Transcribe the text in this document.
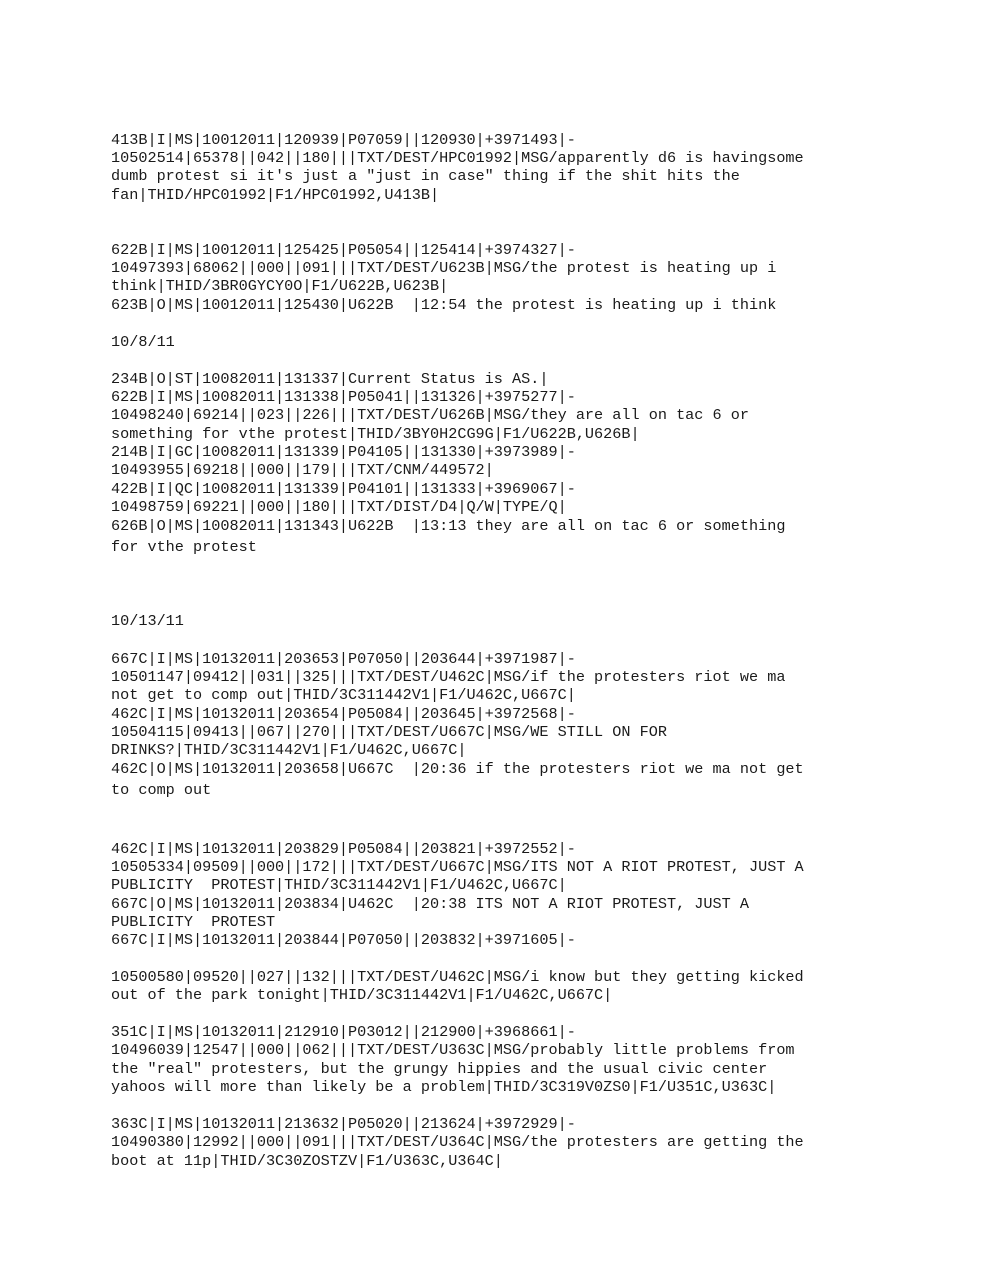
413B|I|MS|10012011|120939|P07059||120930|+3971493|-
10502514|65378||042||180|||TXT/DEST/HPC01992|MSG/apparently d6 is havingsome
dumb protest si it's just a "just in case" thing if the shit hits the
fan|THID/HPC01992|F1/HPC01992,U413B|
622B|I|MS|10012011|125425|P05054||125414|+3974327|-
10497393|68062||000||091|||TXT/DEST/U623B|MSG/the protest is heating up i
think|THID/3BR0GYCY0O|F1/U622B,U623B|
623B|O|MS|10012011|125430|U622B  |12:54 the protest is heating up i think
10/8/11
234B|O|ST|10082011|131337|Current Status is AS.|
622B|I|MS|10082011|131338|P05041||131326|+3975277|-
10498240|69214||023||226|||TXT/DEST/U626B|MSG/they are all on tac 6 or
something for vthe protest|THID/3BY0H2CG9G|F1/U622B,U626B|
214B|I|GC|10082011|131339|P04105||131330|+3973989|-
10493955|69218||000||179|||TXT/CNM/449572|
422B|I|QC|10082011|131339|P04101||131333|+3969067|-
10498759|69221||000||180|||TXT/DIST/D4|Q/W|TYPE/Q|
626B|O|MS|10082011|131343|U622B  |13:13 they are all on tac 6 or something
for vthe protest
10/13/11
667C|I|MS|10132011|203653|P07050||203644|+3971987|-
10501147|09412||031||325|||TXT/DEST/U462C|MSG/if the protesters riot we ma
not get to comp out|THID/3C311442V1|F1/U462C,U667C|
462C|I|MS|10132011|203654|P05084||203645|+3972568|-
10504115|09413||067||270|||TXT/DEST/U667C|MSG/WE STILL ON FOR
DRINKS?|THID/3C311442V1|F1/U462C,U667C|
462C|O|MS|10132011|203658|U667C  |20:36 if the protesters riot we ma not get
to comp out
462C|I|MS|10132011|203829|P05084||203821|+3972552|-
10505334|09509||000||172|||TXT/DEST/U667C|MSG/ITS NOT A RIOT PROTEST, JUST A
PUBLICITY  PROTEST|THID/3C311442V1|F1/U462C,U667C|
667C|O|MS|10132011|203834|U462C  |20:38 ITS NOT A RIOT PROTEST, JUST A
PUBLICITY  PROTEST
667C|I|MS|10132011|203844|P07050||203832|+3971605|-
10500580|09520||027||132|||TXT/DEST/U462C|MSG/i know but they getting kicked
out of the park tonight|THID/3C311442V1|F1/U462C,U667C|
351C|I|MS|10132011|212910|P03012||212900|+3968661|-
10496039|12547||000||062|||TXT/DEST/U363C|MSG/probably little problems from
the "real" protesters, but the grungy hippies and the usual civic center
yahoos will more than likely be a problem|THID/3C319V0ZS0|F1/U351C,U363C|
363C|I|MS|10132011|213632|P05020||213624|+3972929|-
10490380|12992||000||091|||TXT/DEST/U364C|MSG/the protesters are getting the
boot at 11p|THID/3C30ZOSTZV|F1/U363C,U364C|
